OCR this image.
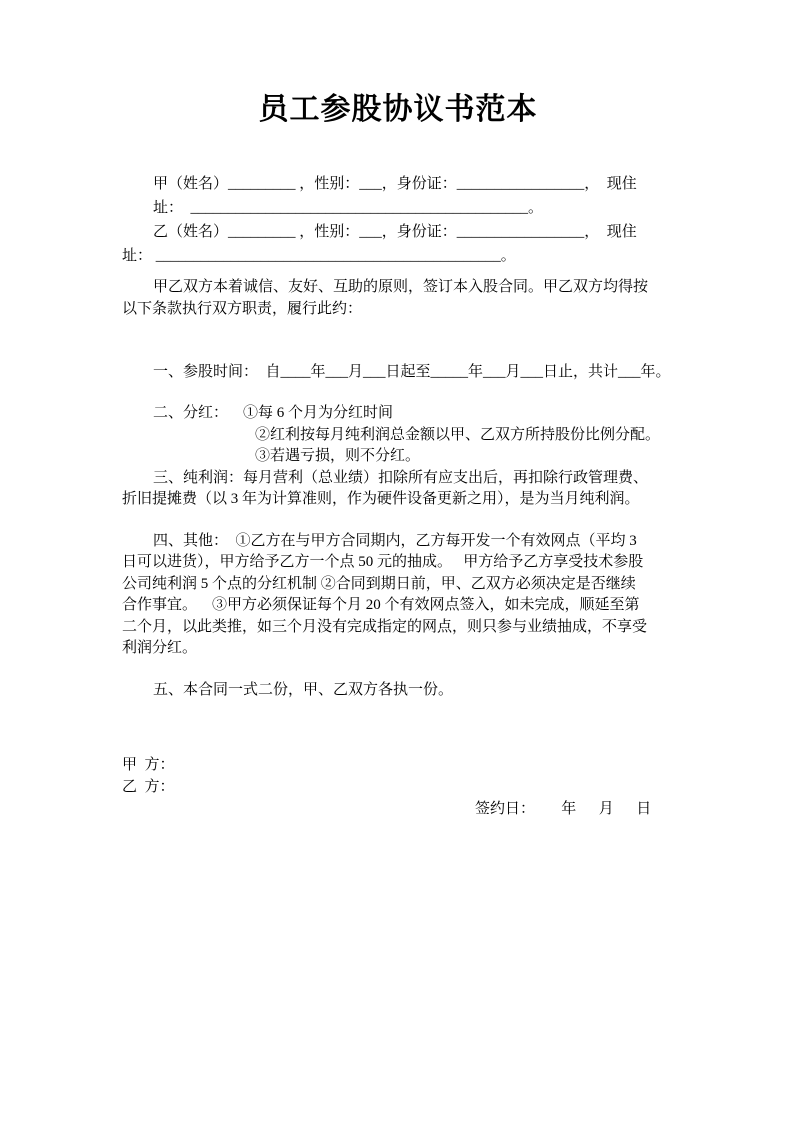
员工参股协议书范本

甲（姓名）_________ ，性别：___，身份证：_________________，  现住

址：  _____________________________________________。

乙（姓名）_________ ，性别：___，身份证：_________________，  现住

址： ______________________________________________。

甲乙双方本着诚信、友好、互助的原则，签订本入股合同。甲乙双方均得按

以下条款执行双方职责，履行此约：

一、参股时间：  自____年___月___日起至_____年___月___日止，共计___年。

二、分红：    ①每 6 个月为分红时间

②红利按每月纯利润总金额以甲、乙双方所持股份比例分配。

③若遇亏损，则不分红。

三、纯利润：每月营利（总业绩）扣除所有应支出后，再扣除行政管理费、

折旧提摊费（以 3 年为计算准则，作为硬件设备更新之用），是为当月纯利润。

四、其他：  ①乙方在与甲方合同期内，乙方每开发一个有效网点（平均 3

日可以进货），甲方给予乙方一个点 50 元的抽成。   甲方给予乙方享受技术参股

公司纯利润 5 个点的分红机制 ②合同到期日前，甲、乙双方必须决定是否继续

合作事宜。    ③甲方必须保证每个月 20 个有效网点签入，如未完成，顺延至第

二个月，以此类推，如三个月没有完成指定的网点，则只参与业绩抽成，不享受

利润分红。

五、本合同一式二份，甲、乙双方各执一份。

甲  方：

乙  方：

签约日：       年      月      日
